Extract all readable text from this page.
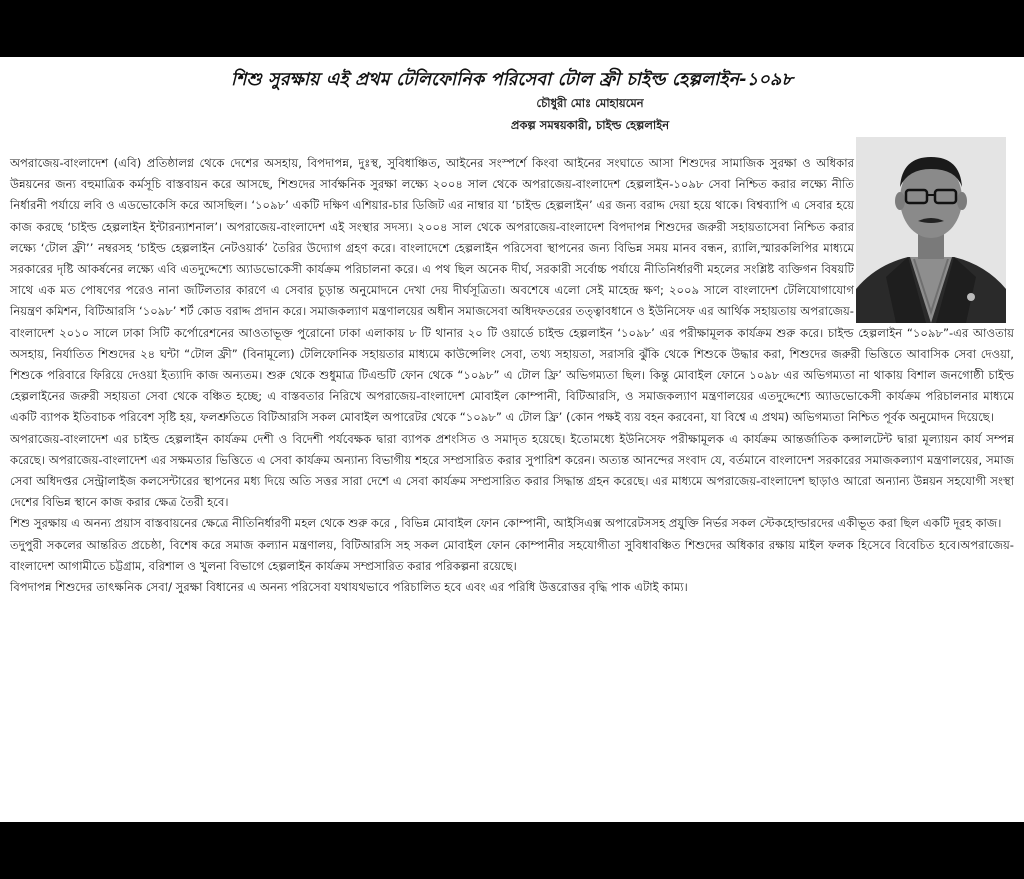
শিশু সুরক্ষায় এই প্রথম টেলিফোনিক পরিসেবা টোল ফ্রী চাইল্ড হেল্পলাইন-১০৯৮
চৌধুরী মোঃ মোহায়মেন
প্রকল্প সমন্বয়কারী, চাইল্ড হেল্পলাইন

অপরাজেয়-বাংলাদেশ (এবি) প্রতিষ্ঠালগ্ন থেকে দেশের অসহায়, বিপদাপন্ন, দুঃস্থ, সুবিধাঞ্চিত, আইনের সংস্পর্শে কিংবা আইনের সংঘাতে আসা শিশুদের সামাজিক সুরক্ষা ও অধিকার উন্নয়নের জন্য বহুমাত্রিক কর্মসূচি বাস্তবায়ন করে আসছে, শিশুদের সার্বক্ষনিক সুরক্ষা লক্ষ্যে ২০০৪ সাল থেকে অপরাজেয়-বাংলাদেশ হেল্পলাইন-১০৯৮ সেবা নিশ্চিত করার লক্ষ্যে নীতি নির্ধারনী পর্যায়ে লবি ও এডভোকেসি করে আসছিল। ‘১০৯৮’ একটি দক্ষিণ এশিয়ার-চার ডিজিট এর নাম্বার যা ‘চাইল্ড হেল্পলাইন’ এর জন্য বরাদ্দ দেয়া হয়ে থাকে। বিশ্বব্যাপি এ সেবার হয়ে কাজ করছে ‘চাইল্ড হেল্পলাইন ইন্টারন্যাশনাল’। অপরাজেয়-বাংলাদেশ এই সংস্থার সদস্য। ২০০৪ সাল থেকে অপরাজেয়-বাংলাদেশ বিপদাপন্ন শিশুদের জরুরী সহায়তাসেবা নিশ্চিত করার লক্ষ্যে ‘টোল ফ্রী’’ নম্বরসহ ‘চাইল্ড হেল্পলাইন নেটওয়ার্ক’ তৈরির উদ্যোগ গ্রহণ করে। বাংলাদেশে হেল্পলাইন পরিসেবা স্থাপনের জন্য বিভিন্ন সময় মানব বন্ধন, র‌্যালি,স্মারকলিপির মাধ্যমে সরকারের দৃষ্টি আকর্ষনের লক্ষ্যে এবি এতদুদ্দেশ্যে অ্যাডভোকেসী কার্যক্রম পরিচালনা করে। এ পথ ছিল অনেক দীর্ঘ, সরকারী সর্বোচ্চ পর্যায়ে নীতিনির্ধারণী মহলের সংশ্লিষ্ট ব্যক্তিগন বিষয়টি সাথে এক মত পোষণের পরেও নানা জটিলতার কারণে এ সেবার চূড়ান্ত অনুমোদনে দেখা দেয় দীর্ঘসূত্রিতা। অবশেষে এলো সেই মাহেন্দ্র ক্ষণ; ২০০৯ সালে বাংলাদেশ টেলিযোগাযোগ নিয়ন্ত্রণ কমিশন, বিটিআরসি ‘১০৯৮’ শর্ট কোড বরাদ্দ প্রদান করে। সমাজকল্যাণ মন্ত্রণালয়ের অধীন সমাজসেবা অধিদফতরের তত্ত্বাবধানে ও ইউনিসেফ এর আর্থিক সহায়তায় অপরাজেয়-বাংলাদেশ ২০১০ সালে ঢাকা সিটি কর্পোরেশনের আওতাভূক্ত পুরোনো ঢাকা এলাকায় ৮ টি থানার ২০ টি ওয়ার্ডে চাইল্ড হেল্পলাইন ‘১০৯৮’ এর পরীক্ষামূলক কার্যক্রম শুরু করে। চাইল্ড হেল্পলাইন “১০৯৮”-এর আওতায় অসহায়, নির্যাতিত শিশুদের ২৪ ঘন্টা “টোল ফ্রী” (বিনামূল্যে) টেলিফোনিক সহায়তার মাধ্যমে কাউন্সেলিং সেবা, তথ্য সহায়তা, সরাসরি ঝুঁকি থেকে শিশুকে উদ্ধার করা, শিশুদের জরুরী ভিত্তিতে আবাসিক সেবা দেওয়া, শিশুকে পরিবারে ফিরিয়ে দেওয়া ইত্যাদি কাজ অন্যতম। শুরু থেকে শুধুমাত্র টিএন্ডটি ফোন থেকে “১০৯৮” এ টোল ফ্রি’ অভিগম্যতা ছিল। কিন্তু মোবাইল ফোনে ১০৯৮ এর অভিগম্যতা না থাকায় বিশাল জনগোষ্ঠী চাইল্ড হেল্পলাইনের জরুরী সহায়তা সেবা থেকে বঞ্চিত হচ্ছে; এ বাস্তবতার নিরিখে অপরাজেয়-বাংলাদেশ মোবাইল কোম্পানী, বিটিআরসি, ও সমাজকল্যাণ মন্ত্রণালয়ের এতদুদ্দেশ্যে অ্যাডভোকেসী কার্যক্রম পরিচালনার মাধ্যমে একটি ব্যাপক ইতিবাচক পরিবেশ সৃষ্টি হয়, ফলশ্রুতিতে বিটিআরসি সকল মোবাইল অপারেটর থেকে “১০৯৮” এ টোল ফ্রি’ (কোন পক্ষই ব্যয় বহন করবেনা, যা বিশ্বে এ প্রথম) অভিগম্যতা নিশ্চিত পূর্বক অনুমোদন দিয়েছে।

অপরাজেয়-বাংলাদেশ এর চাইল্ড হেল্পলাইন কার্যক্রম দেশী ও বিদেশী পর্যবেক্ষক দ্বারা ব্যাপক প্রশংসিত ও সমাদৃত হয়েছে। ইতোমধ্যে ইউনিসেফ পরীক্ষামূলক এ কার্যক্রম আন্তর্জাতিক কন্সালটেন্ট দ্বারা মূল্যায়ন কার্য সম্পন্ন করেছে। অপরাজেয়-বাংলাদেশ এর সক্ষমতার ভিত্তিতে এ সেবা কার্যক্রম অন্যান্য বিভাগীয় শহরে সম্প্রসারিত করার সুপারিশ করেন। অত্যন্ত আনন্দের সংবাদ যে, বর্তমানে বাংলাদেশ সরকারের সমাজকল্যাণ মন্ত্রণালয়ের, সমাজ সেবা অধিদপ্তর সেন্ট্রালাইজ কলসেন্টারের স্থাপনের মধ্য দিয়ে অতি সত্তর সারা দেশে এ সেবা কার্যক্রম সম্প্রসারিত করার সিদ্ধান্ত গ্রহন করেছে। এর মাধ্যমে অপরাজেয়-বাংলাদেশ ছাড়াও আরো অন্যান্য উন্নয়ন সহযোগী সংস্থা দেশের বিভিন্ন স্থানে কাজ করার ক্ষেত্র তৈরী হবে।

শিশু সুরক্ষায় এ অনন্য প্রয়াস বাস্তবায়নের ক্ষেত্রে নীতিনির্ধারণী মহল থেকে শুরু করে , বিভিন্ন মোবাইল ফোন কোম্পানী, আইসিএক্স অপারেটসসহ প্রযুক্তি নির্ভর সকল স্টেকহোল্ডারদের একীভূত করা ছিল একটি দূরহ কাজ।

তদুপুরী সকলের আন্তরিত প্রচেষ্ঠা, বিশেষ করে সমাজ কল্যান মন্ত্রণালয়, বিটিআরসি সহ সকল মোবাইল ফোন কোম্পানীর সহযোগীতা সুবিধাবঞ্চিত শিশুদের অধিকার রক্ষায় মাইল ফলক হিসেবে বিবেচিত হবে।অপরাজেয়-বাংলাদেশ আগামীতে চট্টগ্রাম, বরিশাল ও খুলনা বিভাগে হেল্পলাইন কার্যক্রম সম্প্রসারিত করার পরিকল্পনা রয়েছে।

বিপদাপন্ন শিশুদের তাৎক্ষনিক সেবা/ সুরক্ষা বিধানের এ অনন্য পরিসেবা যথাযথভাবে পরিচালিত হবে এবং এর পরিধি উত্তরোত্তর বৃদ্ধি পাক এটাই কাম্য।
